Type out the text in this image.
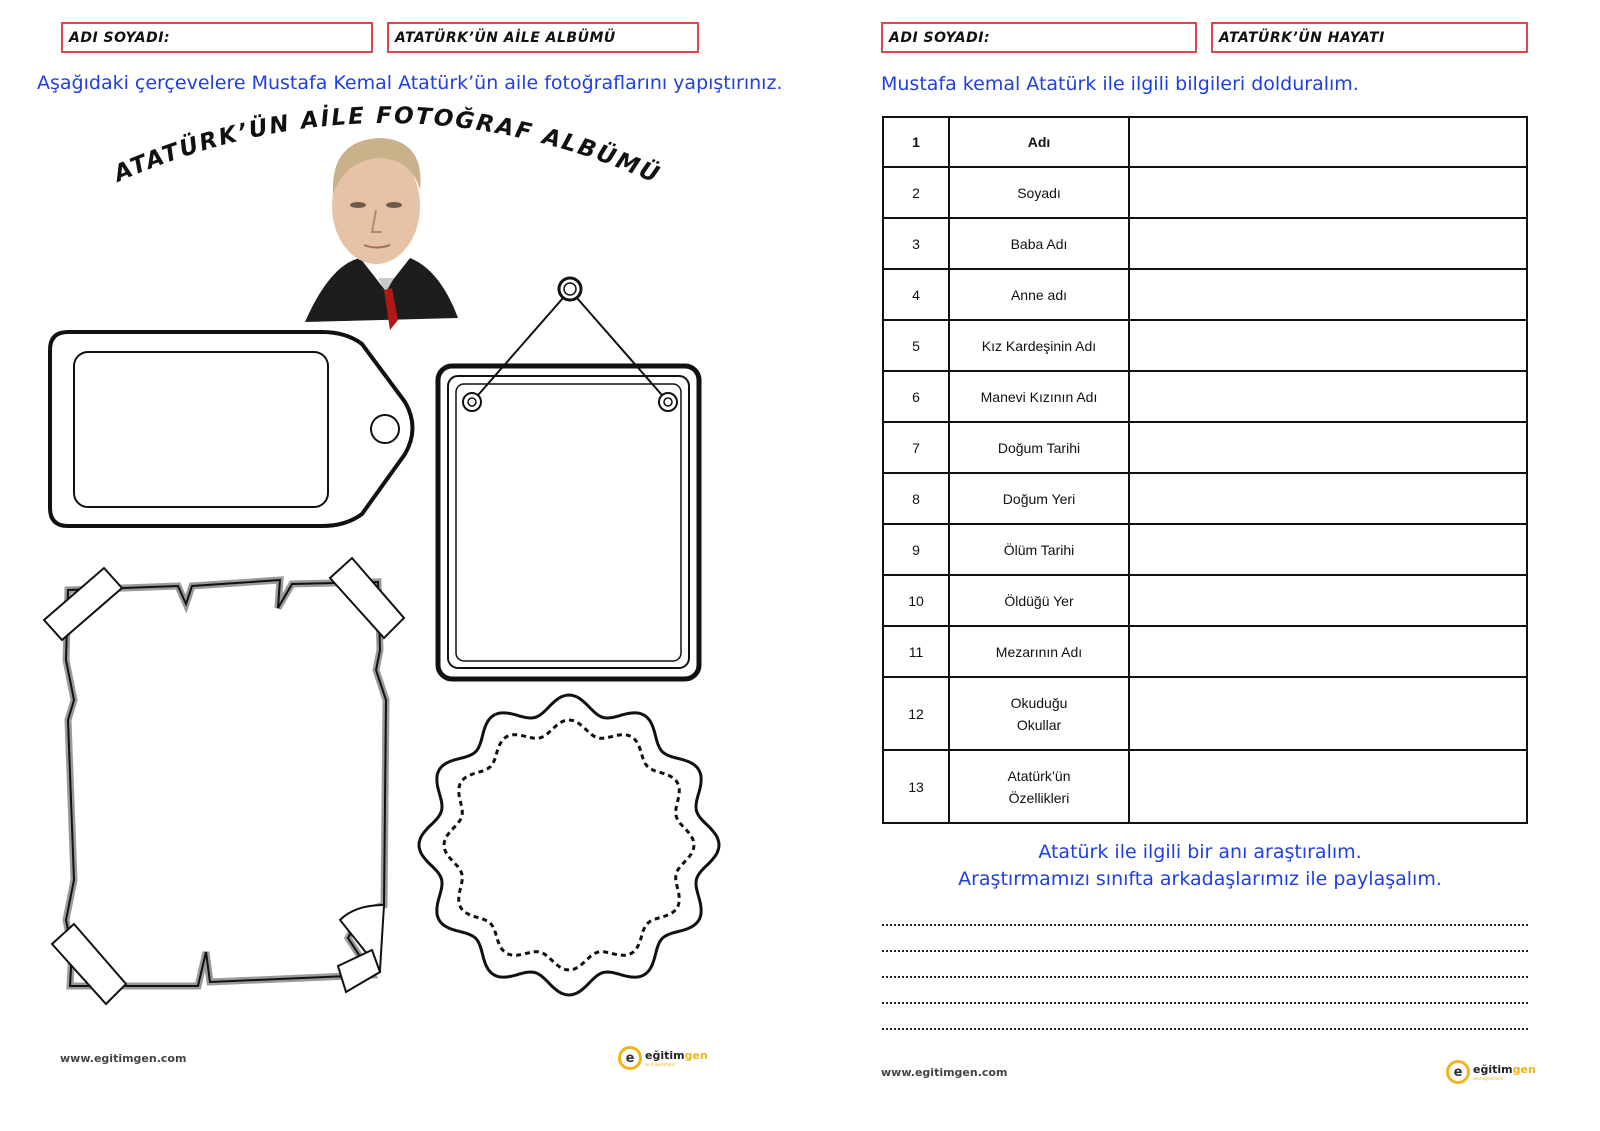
ADI SOYADI:	ATATÜRK’ÜN AİLE ALBÜMÜ
Aşağıdaki çerçevelere Mustafa Kemal Atatürk’ün aile fotoğraflarını yapıştırınız.
ATATÜRK’ÜN AİLE FOTOĞRAF ALBÜMÜ
www.egitimgen.com	e eğitimgen
sınıf öğretmeni
ADI SOYADI:	ATATÜRK’ÜN HAYATI
Mustafa kemal Atatürk ile ilgili bilgileri dolduralım.
1	Adı	

2	Soyadı	

3	Baba Adı	

4	Anne adı	

5	Kız Kardeşinin Adı	

6	Manevi Kızının Adı	

7	Doğum Tarihi	

8	Doğum Yeri	

9	Ölüm Tarihi	

10	Öldüğü Yer	

11	Mezarının Adı	

12	Okuduğu
Okullar	

13	Atatürk’ün
Özellikleri	

Atatürk ile ilgili bir anı araştıralım.
Araştırmamızı sınıfta arkadaşlarımız ile paylaşalım.
www.egitimgen.com	e eğitimgen
sınıf öğretmeni
